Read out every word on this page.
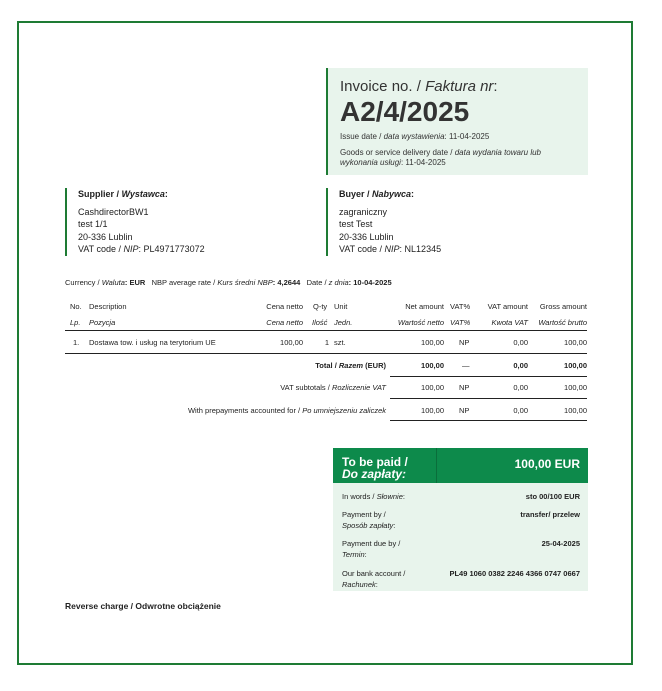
Invoice no. / Faktura nr:
A2/4/2025
Issue date / data wystawienia: 11-04-2025
Goods or service delivery date / data wydania towaru lub wykonania usługi: 11-04-2025
Supplier / Wystawca:
CashdirectorBW1
test 1/1
20-336 Lublin
VAT code / NIP: PL4971773072
Buyer / Nabywca:
zagraniczny
test Test
20-336 Lublin
VAT code / NIP: NL12345
Currency / Waluta: EUR NBP average rate / Kurs średni NBP: 4,2644 Date / z dnia: 10-04-2025
No. Description	Cena netto Q-ty Unit	Net amount VAT%	VAT amount	Gross amount
Lp. Pozycja	Cena netto Ilość Jedn.	Wartość netto VAT%	Kwota VAT	Wartość brutto
1. Dostawa tow. i usług na terytorium UE	100,00	1 szt.	100,00 NP	0,00	100,00
Total / Razem (EUR)	100,00 —	0,00	100,00
VAT subtotals / Rozliczenie VAT	100,00 NP	0,00	100,00
With prepayments accounted for / Po umniejszeniu zaliczek	100,00 NP	0,00	100,00
To be paid /
Do zapłaty:
100,00 EUR
In words / Słownie:	sto 00/100 EUR
Payment by / Sposób zapłaty:
transfer/ przelew
Payment due by / Termin:
25-04-2025
Our bank account / Rachunek:
PL49 1060 0382 2246 4366 0747 0667
Reverse charge / Odwrotne obciążenie
